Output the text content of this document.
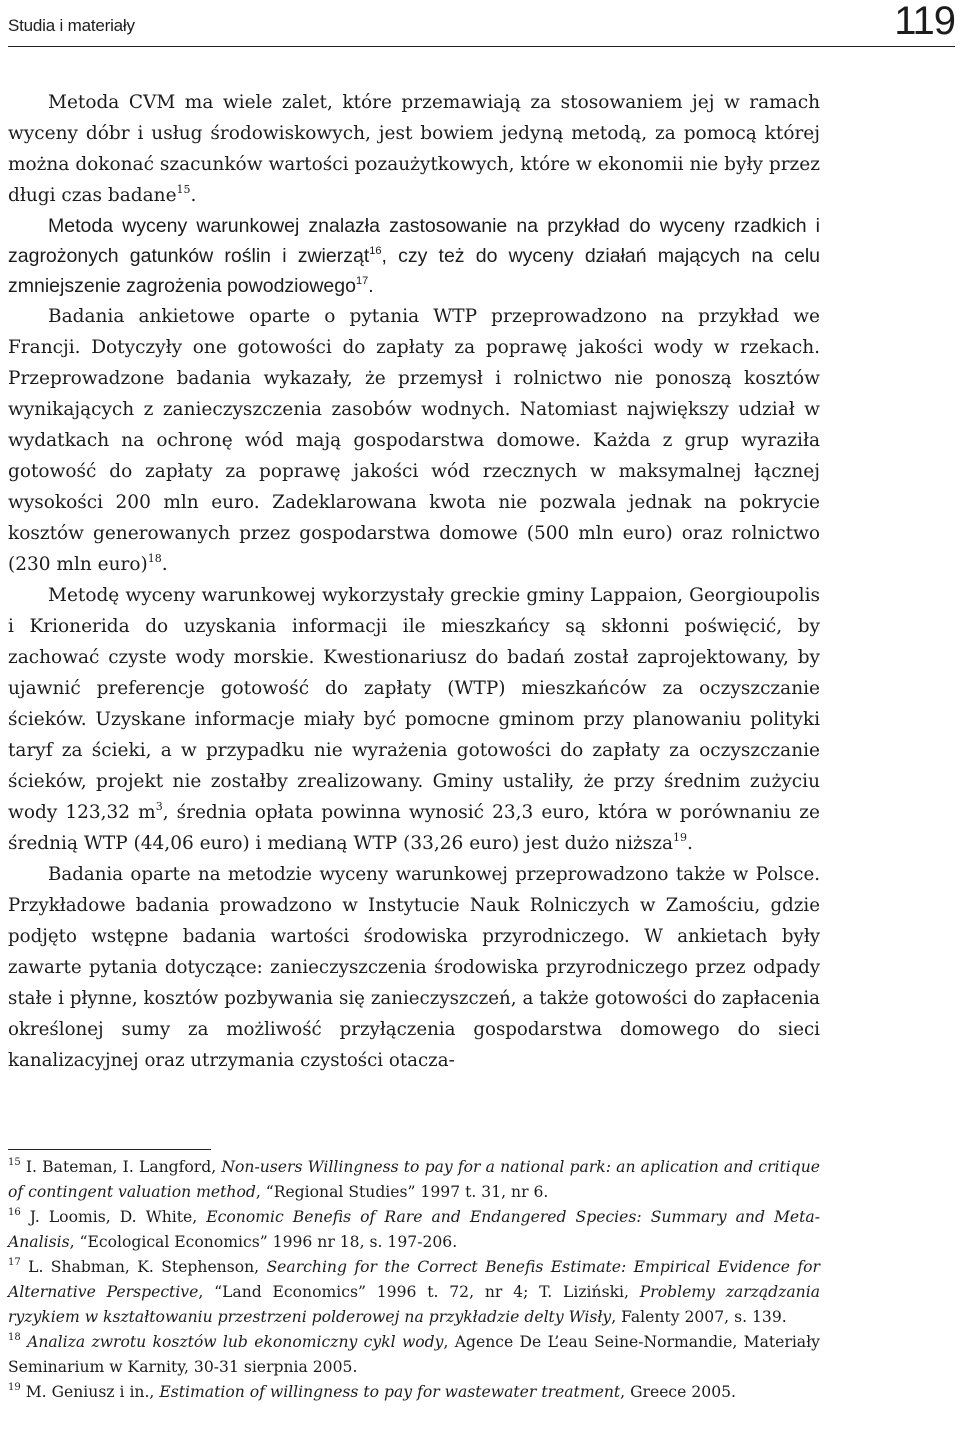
Studia i materiały	119

Metoda CVM ma wiele zalet, które przemawiają za stosowaniem jej w ramach wyceny dóbr i usług środowiskowych, jest bowiem jedyną metodą, za pomocą której można dokonać szacunków wartości pozaużytkowych, które w ekonomii nie były przez długi czas badane$^{15}$.

Metoda wyceny warunkowej znalazła zastosowanie na przykład do wyceny rzadkich i zagrożonych gatunków roślin i zwierząt$^{16}$, czy też do wyceny działań mających na celu zmniejszenie zagrożenia powodziowego$^{17}$.

Badania ankietowe oparte o pytania WTP przeprowadzono na przykład we Francji. Dotyczyły one gotowości do zapłaty za poprawę jakości wody w rzekach. Przeprowadzone badania wykazały, że przemysł i rolnictwo nie ponoszą kosztów wynikających z zanieczyszczenia zasobów wodnych. Natomiast największy udział w wydatkach na ochronę wód mają gospodarstwa domowe. Każda z grup wyraziła gotowość do zapłaty za poprawę jakości wód rzecznych w maksymalnej łącznej wysokości 200 mln euro. Zadeklarowana kwota nie pozwala jednak na pokrycie kosztów generowanych przez gospodarstwa domowe (500 mln euro) oraz rolnictwo (230 mln euro)$^{18}$.

Metodę wyceny warunkowej wykorzystały greckie gminy Lappaion, Georgioupolis i Krionerida do uzyskania informacji ile mieszkańcy są skłonni poświęcić, by zachować czyste wody morskie. Kwestionariusz do badań został zaprojektowany, by ujawnić preferencje gotowość do zapłaty (WTP) mieszkańców za oczyszczanie ścieków. Uzyskane informacje miały być pomocne gminom przy planowaniu polityki taryf za ścieki, a w przypadku nie wyrażenia gotowości do zapłaty za oczyszczanie ścieków, projekt nie zostałby zrealizowany. Gminy ustaliły, że przy średnim zużyciu wody 123,32 $m^3$, średnia opłata powinna wynosić 23,3 euro, która w porównaniu ze średnią WTP (44,06 euro) i medianą WTP (33,26 euro) jest dużo niższa$^{19}$.

Badania oparte na metodzie wyceny warunkowej przeprowadzono także w Polsce. Przykładowe badania prowadzono w Instytucie Nauk Rolniczych w Zamościu, gdzie podjęto wstępne badania wartości środowiska przyrodniczego. W ankietach były zawarte pytania dotyczące: zanieczyszczenia środowiska przyrodniczego przez odpady stałe i płynne, kosztów pozbywania się zanieczyszczeń, a także gotowości do zapłacenia określonej sumy za możliwość przyłączenia gospodarstwa domowego do sieci kanalizacyjnej oraz utrzymania czystości otacza-

$^{15}$ I. Bateman, I. Langford, Non-users Willingness to pay for a national park: an aplication and critique of contingent valuation method, “Regional Studies” 1997 t. 31, nr 6.

$^{16}$ J. Loomis, D. White, Economic Benefis of Rare and Endangered Species: Summary and Meta-Analisis, “Ecological Economics” 1996 nr 18, s. 197-206.

$^{17}$ L. Shabman, K. Stephenson, Searching for the Correct Benefis Estimate: Empirical Evidence for Alternative Perspective, “Land Economics” 1996 t. 72, nr 4; T. Liziński, Problemy zarządzania ryzykiem w kształtowaniu przestrzeni polderowej na przykładzie delty Wisły, Falenty 2007, s. 139.

$^{18}$ Analiza zwrotu kosztów lub ekonomiczny cykl wody, Agence De L’eau Seine-Normandie, Materiały Seminarium w Karnity, 30-31 sierpnia 2005.

$^{19}$ M. Geniusz i in., Estimation of willingness to pay for wastewater treatment, Greece 2005.
